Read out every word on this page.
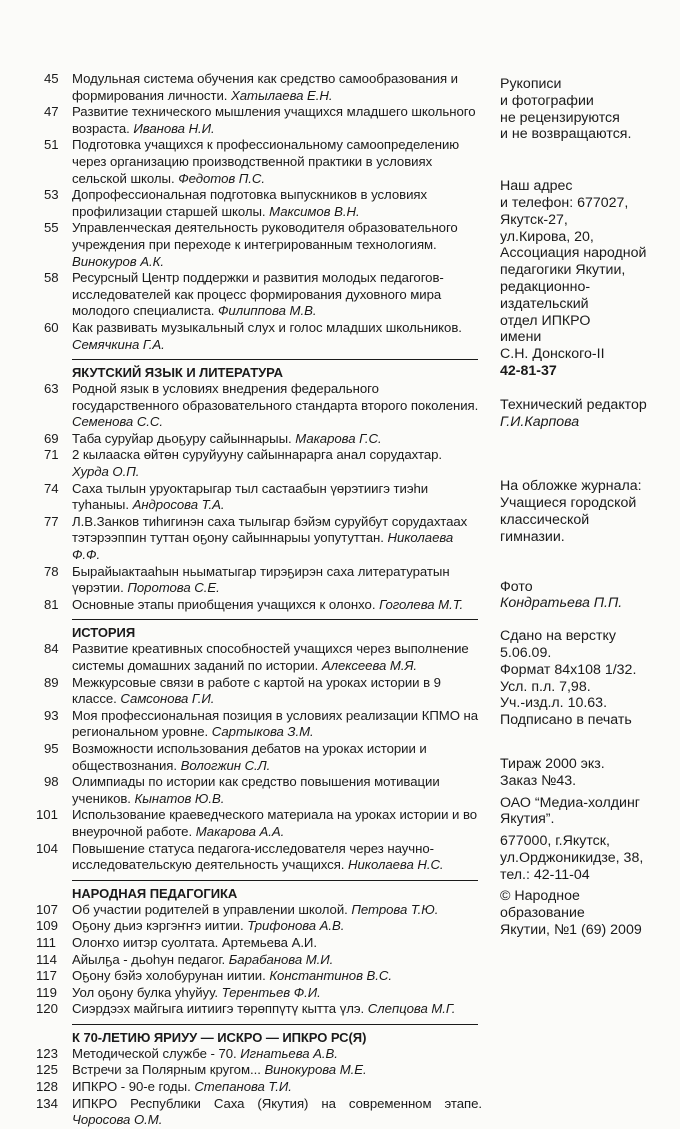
45	Модульная система обучения как средство самообразования и формирования личности. Хатылаева Е.Н.
47	Развитие технического мышления учащихся младшего школьного возраста. Иванова Н.И.
51	Подготовка учащихся к профессиональному самоопределению через организацию производственной практики в условиях сельской школы. Федотов П.С.
53	Допрофессиональная подготовка выпускников в условиях профилизации старшей школы. Максимов В.Н.
55	Управленческая деятельность руководителя образовательного учреждения при переходе к интегрированным технологиям. Винокуров А.К.
58	Ресурсный Центр поддержки и развития молодых педагогов-исследователей как процесс формирования духовного мира молодого специалиста. Филиппова М.В.
60	Как развивать музыкальный слух и голос младших школьников. Семячкина Г.А.
ЯКУТСКИЙ ЯЗЫК И ЛИТЕРАТУРА
63	Родной язык в условиях внедрения федерального государственного образовательного стандарта второго поколения. Семенова С.С.
69	Таба суруйар дьоҕуру сайыннарыы. Макарова Г.С.
71	2 кылааска өйтөн суруйууну сайыннарарга анал сорудахтар. Хурда О.П.
74	Саха тылын уруоктарыгар тыл састаабын үөрэтиигэ тиэһи туһаныы. Андросова Т.А.
77	Л.В.Занков тиһигинэн саха тылыгар бэйэм суруйбут сорудахтаах тэтэрээппин туттан оҕону сайыннарыы уопутуттан. Николаева Ф.Ф.
78	Бырайыактааһын ньыматыгар тирэҕирэн саха литературатын үөрэтии. Поротова С.Е.
81	Основные этапы приобщения учащихся к олонхо. Гоголева М.Т.
ИСТОРИЯ
84	Развитие креативных способностей учащихся через выполнение системы домашних заданий по истории. Алексеева М.Я.
89	Межкурсовые связи в работе с картой на уроках истории в 9 классе. Самсонова Г.И.
93	Моя профессиональная позиция в условиях реализации КПМО на региональном уровне. Сартыкова З.М.
95	Возможности использования дебатов на уроках истории и обществознания. Вологжин С.Л.
98	Олимпиады по истории как средство повышения мотивации учеников. Кынатов Ю.В.
101	Использование краеведческого материала на уроках истории и во внеурочной работе. Макарова А.А.
104	Повышение статуса педагога-исследователя через научно-исследовательскую деятельность учащихся. Николаева Н.С.
НАРОДНАЯ ПЕДАГОГИКА
107	Об участии родителей в управлении школой. Петрова Т.Ю.
109	Оҕону дьиэ кэргэҥҥэ иитии. Трифонова А.В.
111	Олоҥхо иитэр суолтата. Артемьева А.И.
114	Айылҕа - дьоһун педагог. Барабанова М.И.
117	Оҕону бэйэ холобурунан иитии. Константинов В.С.
119	Уол оҕону булка уһуйуу. Терентьев Ф.И.
120	Сиэрдээх майгыга иитиигэ төрөппүтү кытта үлэ. Слепцова М.Г.
К 70-ЛЕТИЮ ЯРИУУ — ИСКРО — ИПКРО РС(Я)
123	Методической службе - 70. Игнатьева А.В.
125	Встречи за Полярным кругом... Винокурова М.Е.
128	ИПКРО - 90-е годы. Степанова Т.И.
134	ИПКРО Республики Саха (Якутия) на современном этапе. Чоросова О.М.
Рукописи
и фотографии
не рецензируются
и не возвращаются.
Наш адрес
и телефон: 677027,
Якутск-27,
ул.Кирова, 20,
Ассоциация народной
педагогики Якутии,
редакционно-
издательский
отдел ИПКРО
имени
С.Н. Донского-II
42-81-37
Технический редактор
Г.И.Карпова
На обложке журнала:
Учащиеся городской
классической
гимназии.
Фото
Кондратьева П.П.
Сдано на верстку
5.06.09.
Формат 84x108 1/32.
Усл. п.л. 7,98.
Уч.-изд.л. 10.63.
Подписано в печать
Тираж 2000 экз.
Заказ №43.
ОАО “Медиа-холдинг
Якутия”.
677000, г.Якутск,
ул.Орджоникидзе, 38,
тел.: 42-11-04
© Народное
образование
Якутии, №1 (69) 2009
